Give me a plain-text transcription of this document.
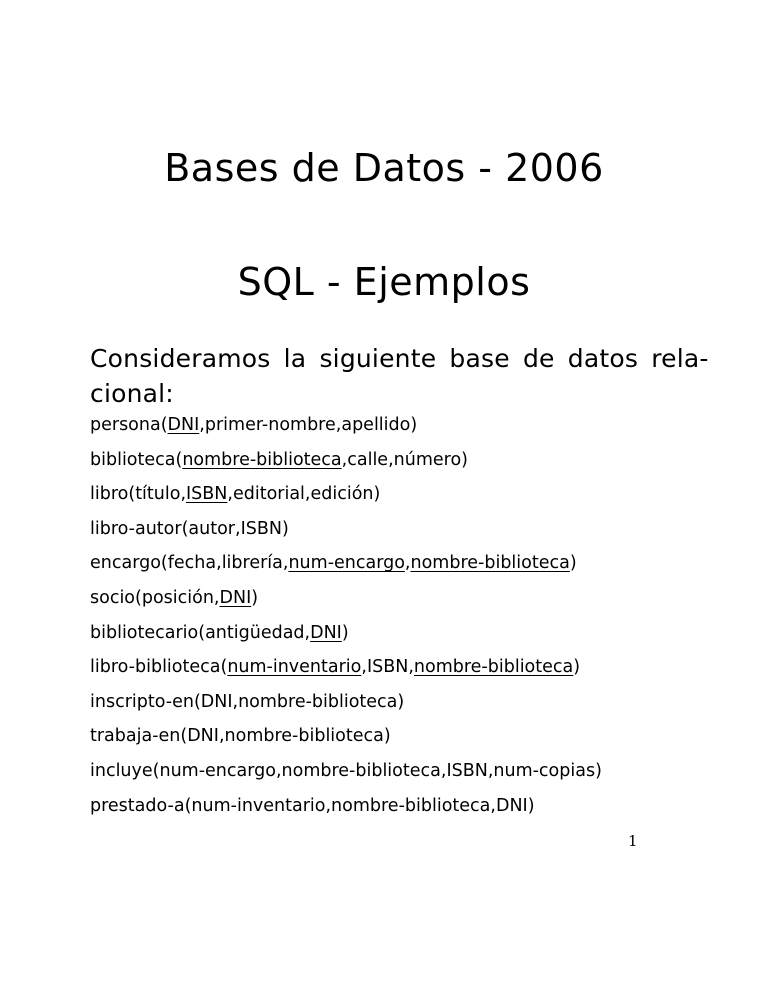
Bases de Datos - 2006
SQL - Ejemplos
Consideramos la siguiente base de datos rela-
cional:
persona(DNI,primer-nombre,apellido)
biblioteca(nombre-biblioteca,calle,número)
libro(título,ISBN,editorial,edición)
libro-autor(autor,ISBN)
encargo(fecha,librería,num-encargo,nombre-biblioteca)
socio(posición,DNI)
bibliotecario(antigüedad,DNI)
libro-biblioteca(num-inventario,ISBN,nombre-biblioteca)
inscripto-en(DNI,nombre-biblioteca)
trabaja-en(DNI,nombre-biblioteca)
incluye(num-encargo,nombre-biblioteca,ISBN,num-copias)
prestado-a(num-inventario,nombre-biblioteca,DNI)
1
